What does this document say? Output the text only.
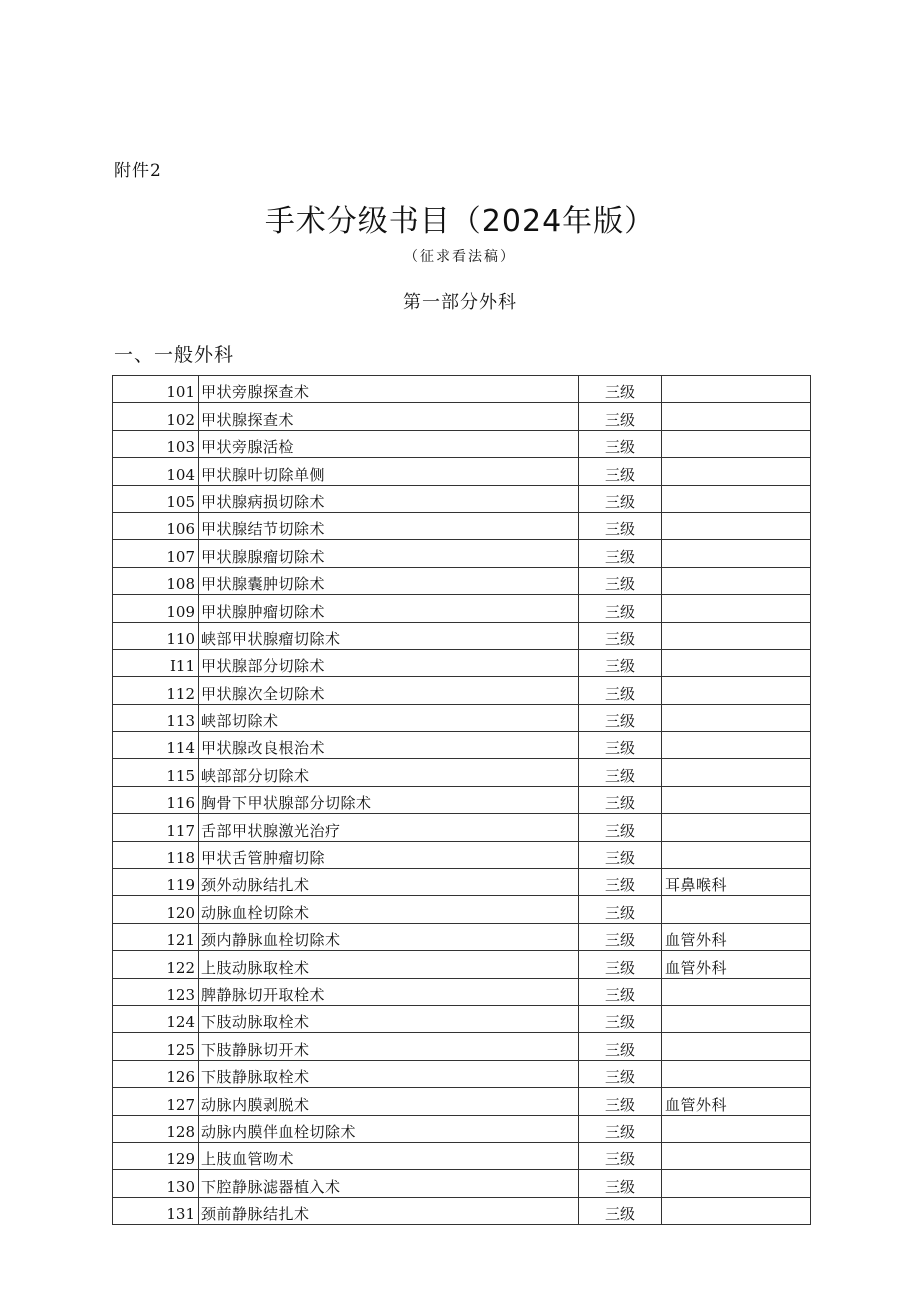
附件2
手术分级书目（2024年版）
（征求看法稿）
第一部分外科
一、一般外科
101	甲状旁腺探查术	三级	
102	甲状腺探查术	三级	
103	甲状旁腺活检	三级	
104	甲状腺叶切除单侧	三级	
105	甲状腺病损切除术	三级	
106	甲状腺结节切除术	三级	
107	甲状腺腺瘤切除术	三级	
108	甲状腺囊肿切除术	三级	
109	甲状腺肿瘤切除术	三级	
110	峡部甲状腺瘤切除术	三级	
I11	甲状腺部分切除术	三级	
112	甲状腺次全切除术	三级	
113	峡部切除术	三级	
114	甲状腺改良根治术	三级	
115	峡部部分切除术	三级	
116	胸骨下甲状腺部分切除术	三级	
117	舌部甲状腺激光治疗	三级	
118	甲状舌管肿瘤切除	三级	
119	颈外动脉结扎术	三级	耳鼻喉科
120	动脉血栓切除术	三级	
121	颈内静脉血栓切除术	三级	血管外科
122	上肢动脉取栓术	三级	血管外科
123	脾静脉切开取栓术	三级	
124	下肢动脉取栓术	三级	
125	下肢静脉切开术	三级	
126	下肢静脉取栓术	三级	
127	动脉内膜剥脱术	三级	血管外科
128	动脉内膜伴血栓切除术	三级	
129	上肢血管吻术	三级	
130	下腔静脉滤器植入术	三级	
131	颈前静脉结扎术	三级	
